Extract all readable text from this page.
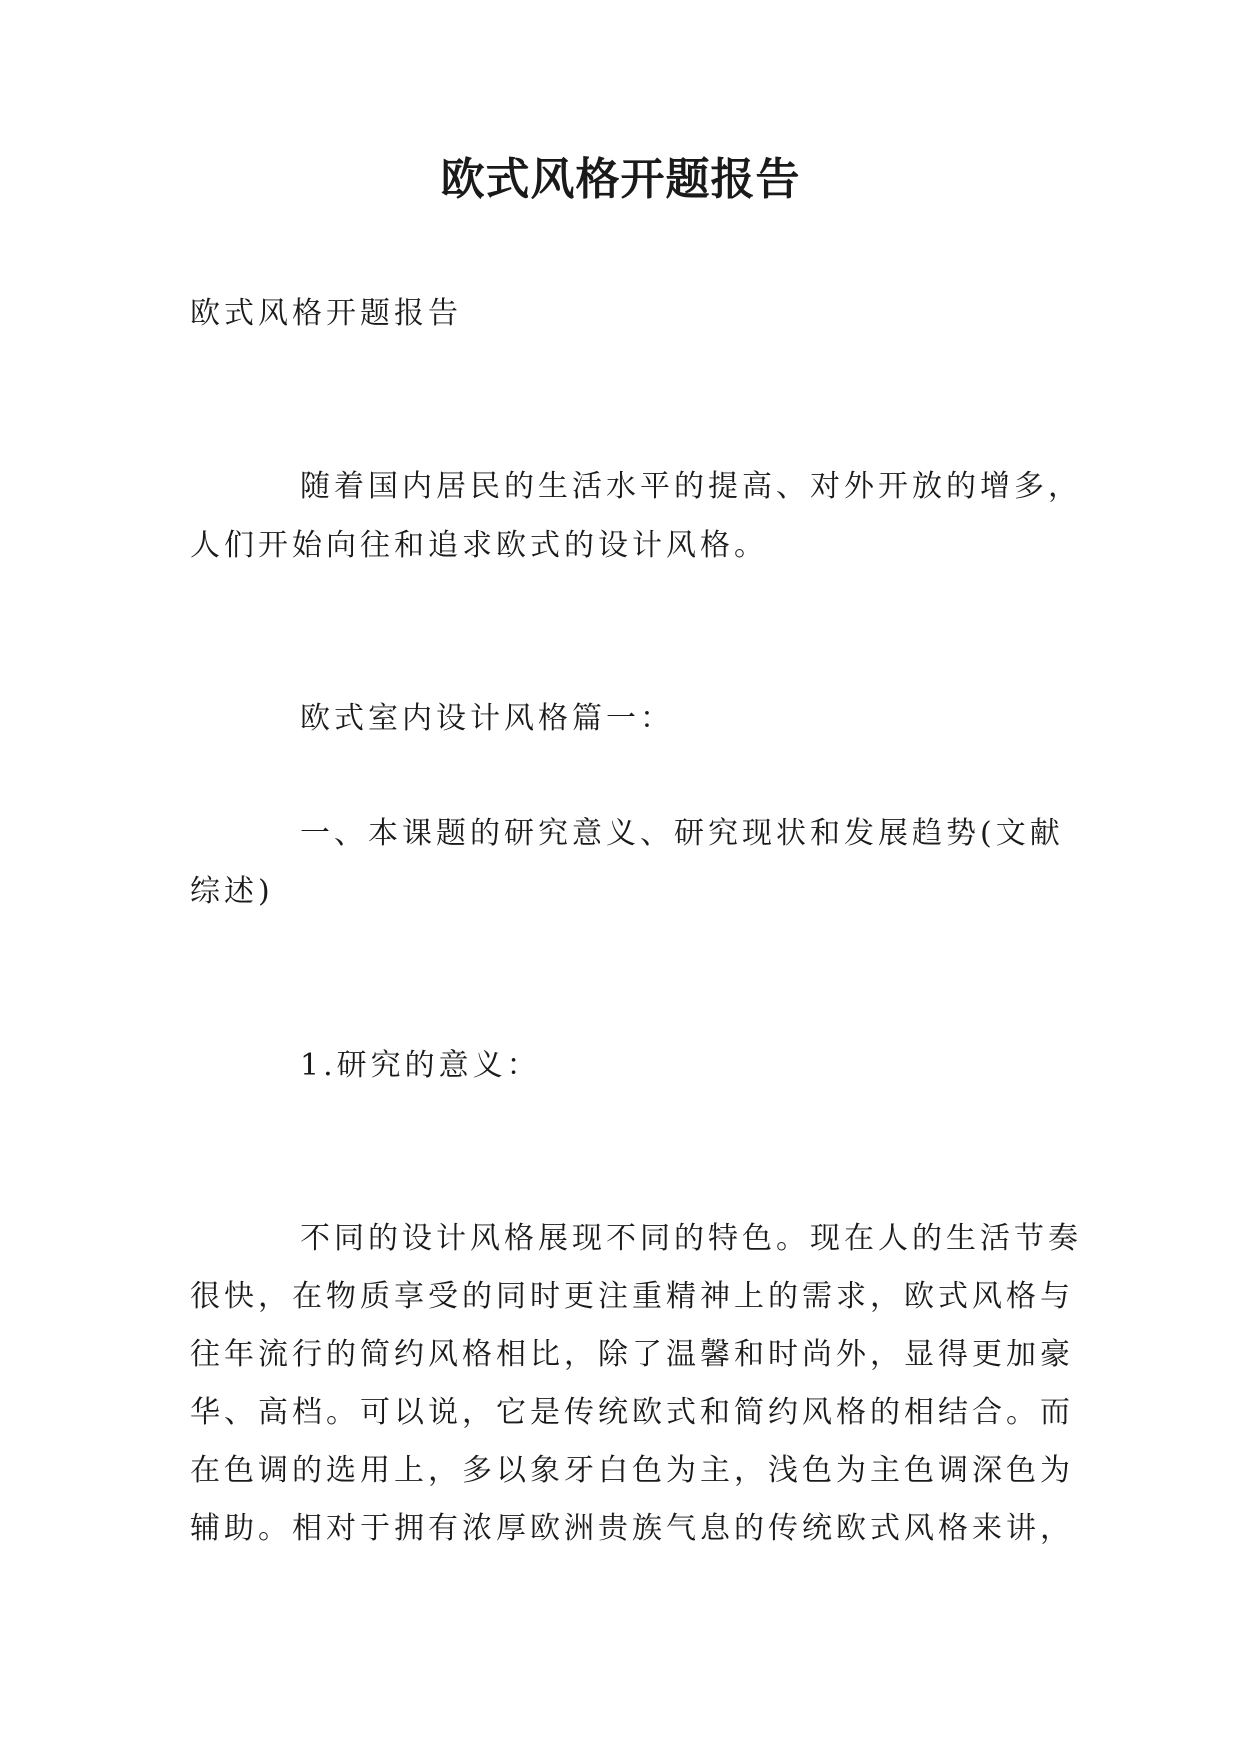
欧式风格开题报告

欧式风格开题报告

随着国内居民的生活水平的提高、对外开放的增多，

人们开始向往和追求欧式的设计风格。

欧式室内设计风格篇一：

一、本课题的研究意义、研究现状和发展趋势(文献

综述)

1.研究的意义：

不同的设计风格展现不同的特色。现在人的生活节奏

很快，在物质享受的同时更注重精神上的需求，欧式风格与

往年流行的简约风格相比，除了温馨和时尚外，显得更加豪

华、高档。可以说，它是传统欧式和简约风格的相结合。而

在色调的选用上，多以象牙白色为主，浅色为主色调深色为

辅助。相对于拥有浓厚欧洲贵族气息的传统欧式风格来讲，
